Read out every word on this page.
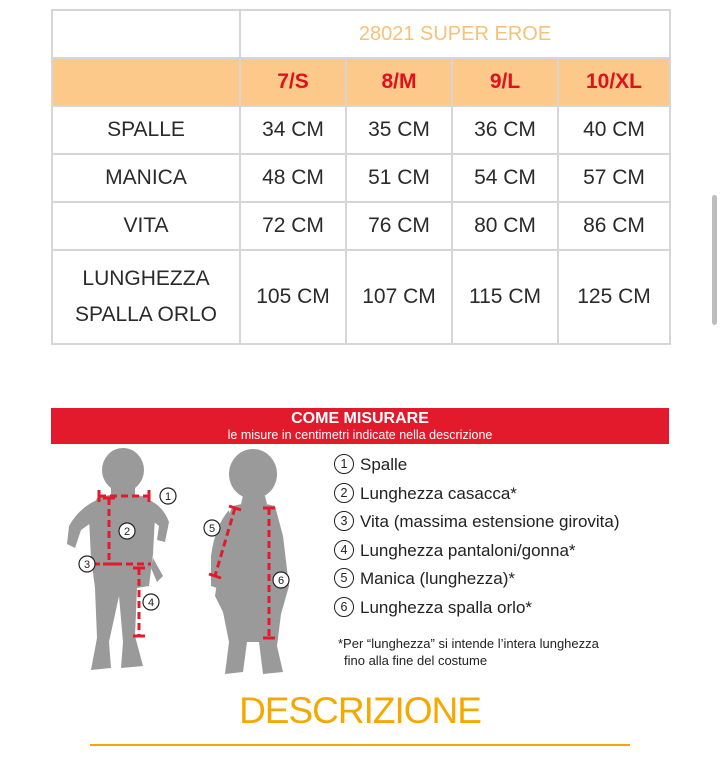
	28021 SUPER EROE			
	7/S	8/M	9/L	10/XL

SPALLE	34 CM	35 CM	36 CM	40 CM

MANICA	48 CM	51 CM	54 CM	57 CM

VITA	72 CM	76 CM	80 CM	86 CM

LUNGHEZZA
SPALLA ORLO	105 CM	107 CM	115 CM	125 CM
COME MISURARE
le misure in centimetri indicate nella descrizione
1
2
3
4
5
6
1 Spalle
2 Lunghezza casacca*
3 Vita (massima estensione girovita)
4 Lunghezza pantaloni/gonna*
5 Manica (lunghezza)*
6 Lunghezza spalla orlo*
*Per “lunghezza” si intende l’intera lunghezza
fino alla fine del costume
DESCRIZIONE
